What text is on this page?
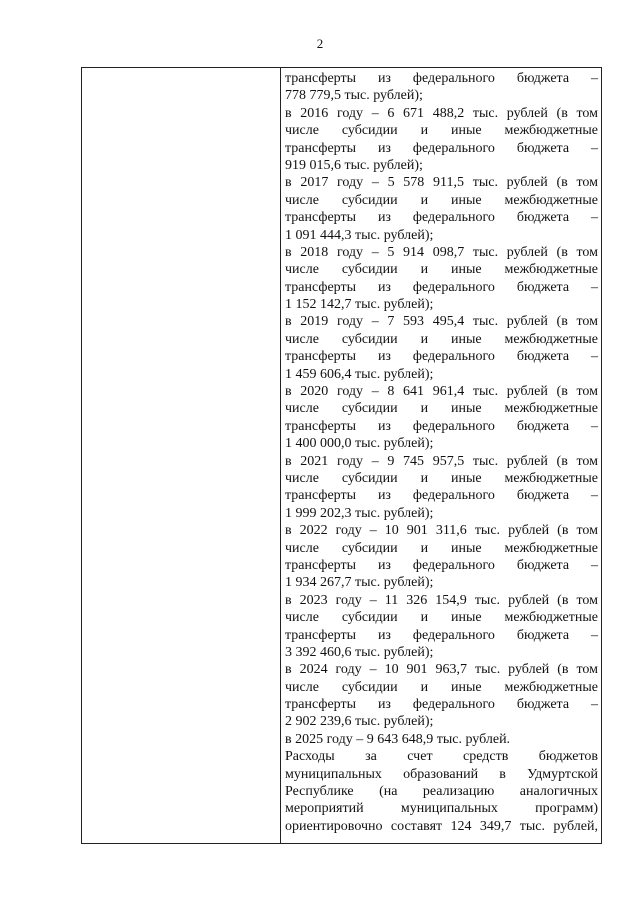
2
трансферты из федерального бюджета –
778 779,5 тыс. рублей);
в 2016 году – 6 671 488,2 тыс. рублей (в том
числе субсидии и иные межбюджетные
трансферты из федерального бюджета –
919 015,6 тыс. рублей);
в 2017 году – 5 578 911,5 тыс. рублей (в том
числе субсидии и иные межбюджетные
трансферты из федерального бюджета –
1 091 444,3 тыс. рублей);
в 2018 году – 5 914 098,7 тыс. рублей (в том
числе субсидии и иные межбюджетные
трансферты из федерального бюджета –
1 152 142,7 тыс. рублей);
в 2019 году – 7 593 495,4 тыс. рублей (в том
числе субсидии и иные межбюджетные
трансферты из федерального бюджета –
1 459 606,4 тыс. рублей);
в 2020 году – 8 641 961,4 тыс. рублей (в том
числе субсидии и иные межбюджетные
трансферты из федерального бюджета –
1 400 000,0 тыс. рублей);
в 2021 году – 9 745 957,5 тыс. рублей (в том
числе субсидии и иные межбюджетные
трансферты из федерального бюджета –
1 999 202,3 тыс. рублей);
в 2022 году – 10 901 311,6 тыс. рублей (в том
числе субсидии и иные межбюджетные
трансферты из федерального бюджета –
1 934 267,7 тыс. рублей);
в 2023 году – 11 326 154,9 тыс. рублей (в том
числе субсидии и иные межбюджетные
трансферты из федерального бюджета –
3 392 460,6 тыс. рублей);
в 2024 году – 10 901 963,7 тыс. рублей (в том
числе субсидии и иные межбюджетные
трансферты из федерального бюджета –
2 902 239,6 тыс. рублей);
в 2025 году – 9 643 648,9 тыс. рублей.
Расходы за счет средств бюджетов
муниципальных образований в Удмуртской
Республике (на реализацию аналогичных
мероприятий муниципальных программ)
ориентировочно составят 124 349,7 тыс. рублей,
